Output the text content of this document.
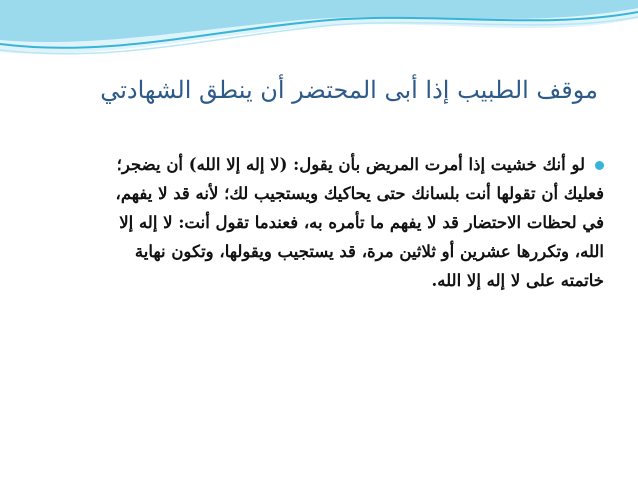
موقف الطبيب إذا أبى المحتضر أن ينطق الشهادتي
لو أنك خشيت إذا أمرت المريض بأن يقول: (لا إله إلا الله) أن يضجر؛
فعليك أن تقولها أنت بلسانك حتى يحاكيك ويستجيب لك؛ لأنه قد لا يفهم،
في لحظات الاحتضار قد لا يفهم ما تأمره به، فعندما تقول أنت: لا إله إلا
الله، وتكررها عشرين أو ثلاثين مرة، قد يستجيب ويقولها، وتكون نهاية
خاتمته على لا إله إلا الله.
